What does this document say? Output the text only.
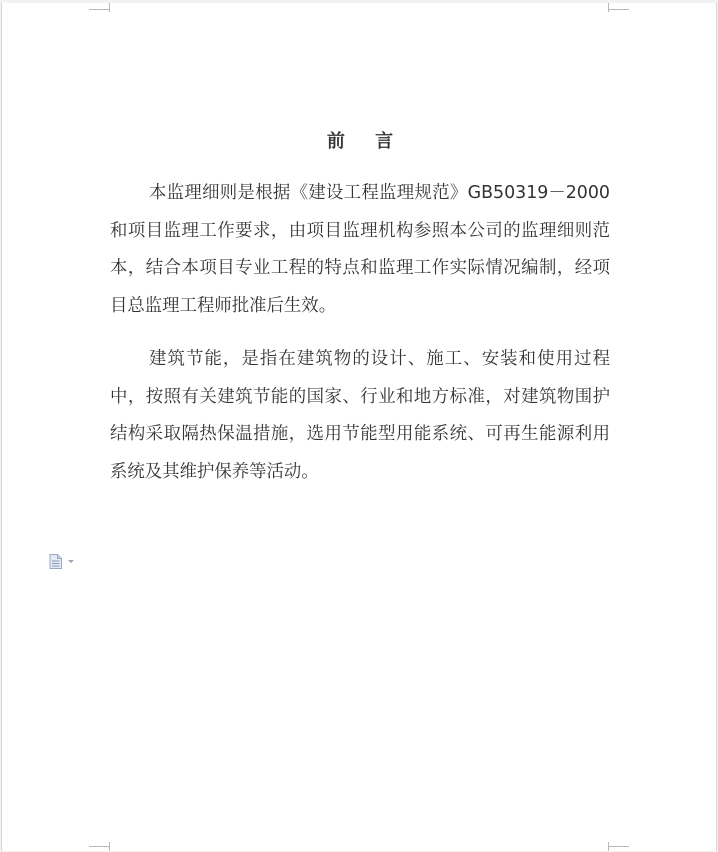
前 言

本监理细则是根据《建设工程监理规范》GB50319－2000 和项目监理工作要求，由项目监理机构参照本公司的监理细则范本，结合本项目专业工程的特点和监理工作实际情况编制，经项目总监理工程师批准后生效。

建筑节能，是指在建筑物的设计、施工、安装和使用过程中，按照有关建筑节能的国家、行业和地方标准，对建筑物围护结构采取隔热保温措施，选用节能型用能系统、可再生能源利用系统及其维护保养等活动。
